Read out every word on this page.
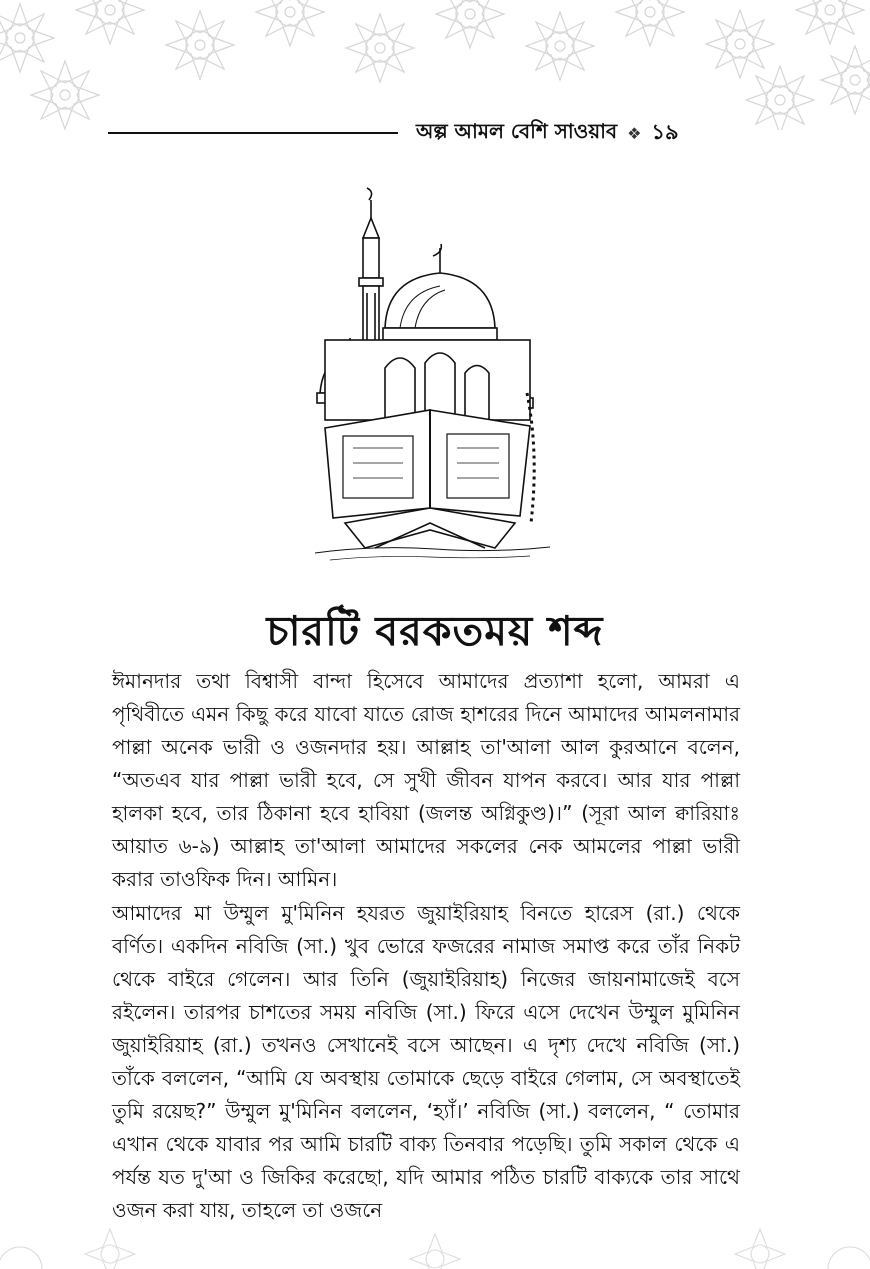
অল্প আমল বেশি সাওয়াব ❖ ১৯
চারটি বরকতময় শব্দ

ঈমানদার তথা বিশ্বাসী বান্দা হিসেবে আমাদের প্রত্যাশা হলো, আমরা এ পৃথিবীতে এমন কিছু করে যাবো যাতে রোজ হাশরের দিনে আমাদের আমলনামার পাল্লা অনেক ভারী ও ওজনদার হয়। আল্লাহ তা'আলা আল কুরআনে বলেন, “অতএব যার পাল্লা ভারী হবে, সে সুখী জীবন যাপন করবে। আর যার পাল্লা হালকা হবে, তার ঠিকানা হবে হাবিয়া (জলন্ত অগ্নিকুণ্ড)।” (সূরা আল ক্বারিয়াঃ আয়াত ৬-৯) আল্লাহ তা'আলা আমাদের সকলের নেক আমলের পাল্লা ভারী করার তাওফিক দিন। আমিন।

আমাদের মা উম্মুল মু'মিনিন হযরত জুয়াইরিয়াহ বিনতে হারেস (রা.) থেকে বর্ণিত। একদিন নবিজি (সা.) খুব ভোরে ফজরের নামাজ সমাপ্ত করে তাঁর নিকট থেকে বাইরে গেলেন। আর তিনি (জুয়াইরিয়াহ) নিজের জায়নামাজেই বসে রইলেন। তারপর চাশতের সময় নবিজি (সা.) ফিরে এসে দেখেন উম্মুল মুমিনিন জুয়াইরিয়াহ (রা.) তখনও সেখানেই বসে আছেন। এ দৃশ্য দেখে নবিজি (সা.) তাঁকে বললেন, “আমি যে অবস্থায় তোমাকে ছেড়ে বাইরে গেলাম, সে অবস্থাতেই তুমি রয়েছ?” উম্মুল মু'মিনিন বললেন, ‘হ্যাঁ।’ নবিজি (সা.) বললেন, “ তোমার এখান থেকে যাবার পর আমি চারটি বাক্য তিনবার পড়েছি। তুমি সকাল থেকে এ পর্যন্ত যত দু'আ ও জিকির করেছো, যদি আমার পঠিত চারটি বাক্যকে তার সাথে ওজন করা যায়, তাহলে তা ওজনে
